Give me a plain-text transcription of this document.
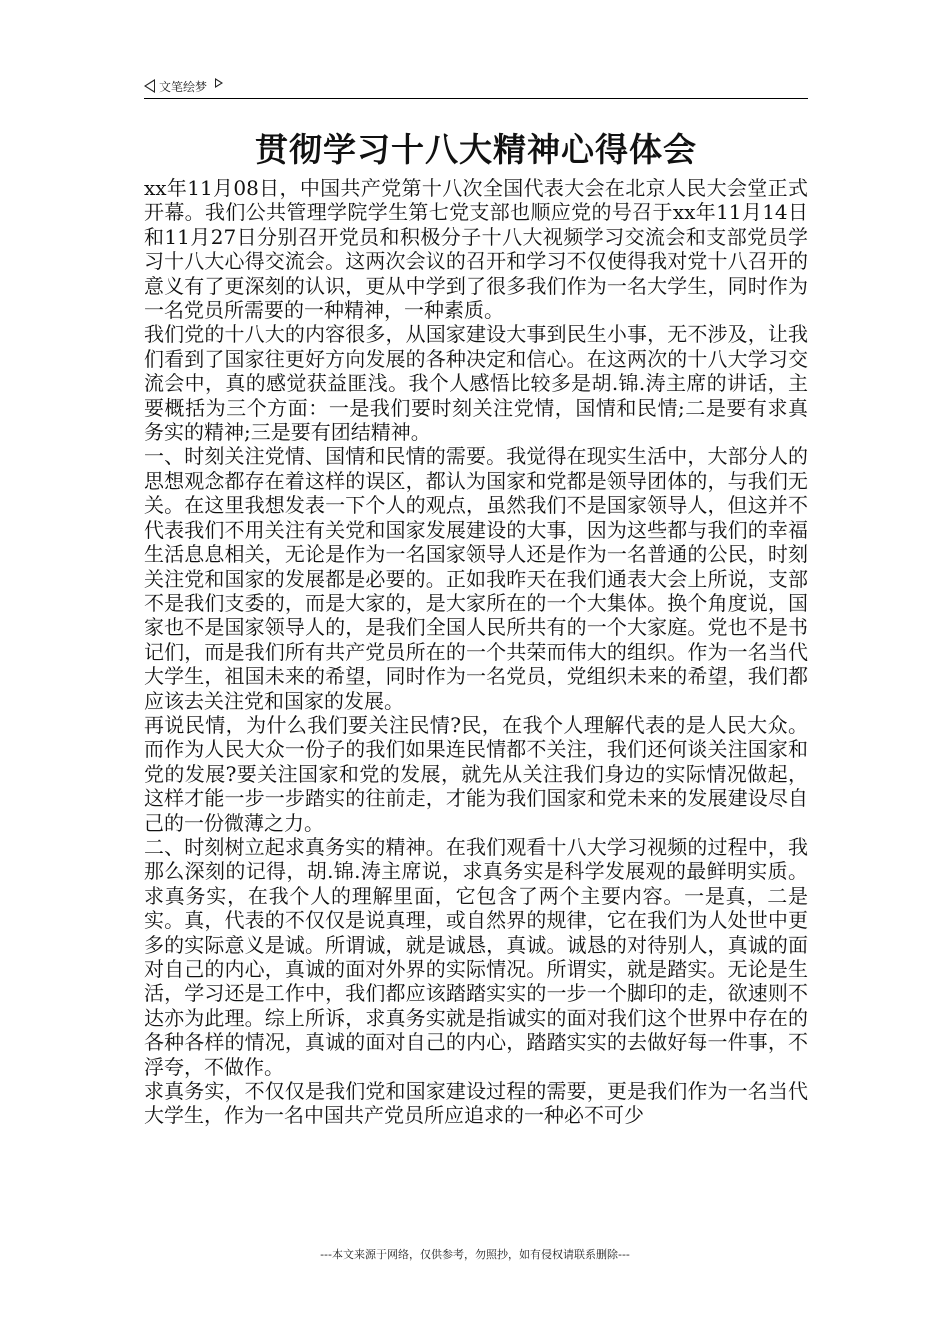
文笔绘梦
贯彻学习十八大精神心得体会

xx年11月08日，中国共产党第十八次全国代表大会在北京人民大会堂正式开幕。我们公共管理学院学生第七党支部也顺应党的号召于xx年11月14日和11月27日分别召开党员和积极分子十八大视频学习交流会和支部党员学习十八大心得交流会。这两次会议的召开和学习不仅使得我对党十八召开的意义有了更深刻的认识，更从中学到了很多我们作为一名大学生，同时作为一名党员所需要的一种精神，一种素质。

我们党的十八大的内容很多，从国家建设大事到民生小事，无不涉及，让我们看到了国家往更好方向发展的各种决定和信心。在这两次的十八大学习交流会中，真的感觉获益匪浅。我个人感悟比较多是胡.锦.涛主席的讲话，主要概括为三个方面：一是我们要时刻关注党情，国情和民情;二是要有求真务实的精神;三是要有团结精神。

一、时刻关注党情、国情和民情的需要。我觉得在现实生活中，大部分人的思想观念都存在着这样的误区，都认为国家和党都是领导团体的，与我们无关。在这里我想发表一下个人的观点，虽然我们不是国家领导人，但这并不代表我们不用关注有关党和国家发展建设的大事，因为这些都与我们的幸福生活息息相关，无论是作为一名国家领导人还是作为一名普通的公民，时刻关注党和国家的发展都是必要的。正如我昨天在我们通表大会上所说，支部不是我们支委的，而是大家的，是大家所在的一个大集体。换个角度说，国家也不是国家领导人的，是我们全国人民所共有的一个大家庭。党也不是书记们，而是我们所有共产党员所在的一个共荣而伟大的组织。作为一名当代大学生，祖国未来的希望，同时作为一名党员，党组织未来的希望，我们都应该去关注党和国家的发展。

再说民情，为什么我们要关注民情?民，在我个人理解代表的是人民大众。而作为人民大众一份子的我们如果连民情都不关注，我们还何谈关注国家和党的发展?要关注国家和党的发展，就先从关注我们身边的实际情况做起，这样才能一步一步踏实的往前走，才能为我们国家和党未来的发展建设尽自己的一份微薄之力。

二、时刻树立起求真务实的精神。在我们观看十八大学习视频的过程中，我那么深刻的记得，胡.锦.涛主席说，求真务实是科学发展观的最鲜明实质。求真务实，在我个人的理解里面，它包含了两个主要内容。一是真，二是实。真，代表的不仅仅是说真理，或自然界的规律，它在我们为人处世中更多的实际意义是诚。所谓诚，就是诚恳，真诚。诚恳的对待别人，真诚的面对自己的内心，真诚的面对外界的实际情况。所谓实，就是踏实。无论是生活，学习还是工作中，我们都应该踏踏实实的一步一个脚印的走，欲速则不达亦为此理。综上所诉，求真务实就是指诚实的面对我们这个世界中存在的各种各样的情况，真诚的面对自己的内心，踏踏实实的去做好每一件事，不浮夸，不做作。

求真务实，不仅仅是我们党和国家建设过程的需要，更是我们作为一名当代大学生，作为一名中国共产党员所应追求的一种必不可少

---本文来源于网络，仅供参考，勿照抄，如有侵权请联系删除---
